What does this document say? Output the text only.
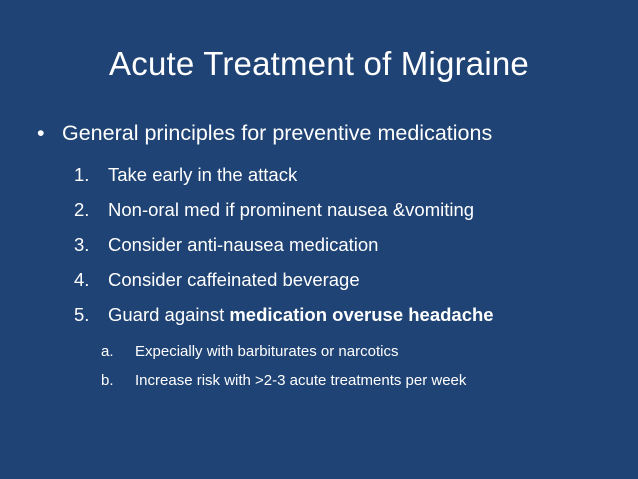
Acute Treatment of Migraine
• General principles for preventive medications
1. Take early in the attack
2. Non-oral med if prominent nausea &vomiting
3. Consider anti-nausea medication
4. Consider caffeinated beverage
5. Guard against medication overuse headache
a. Expecially with barbiturates or narcotics
b. Increase risk with >2-3 acute treatments per week
